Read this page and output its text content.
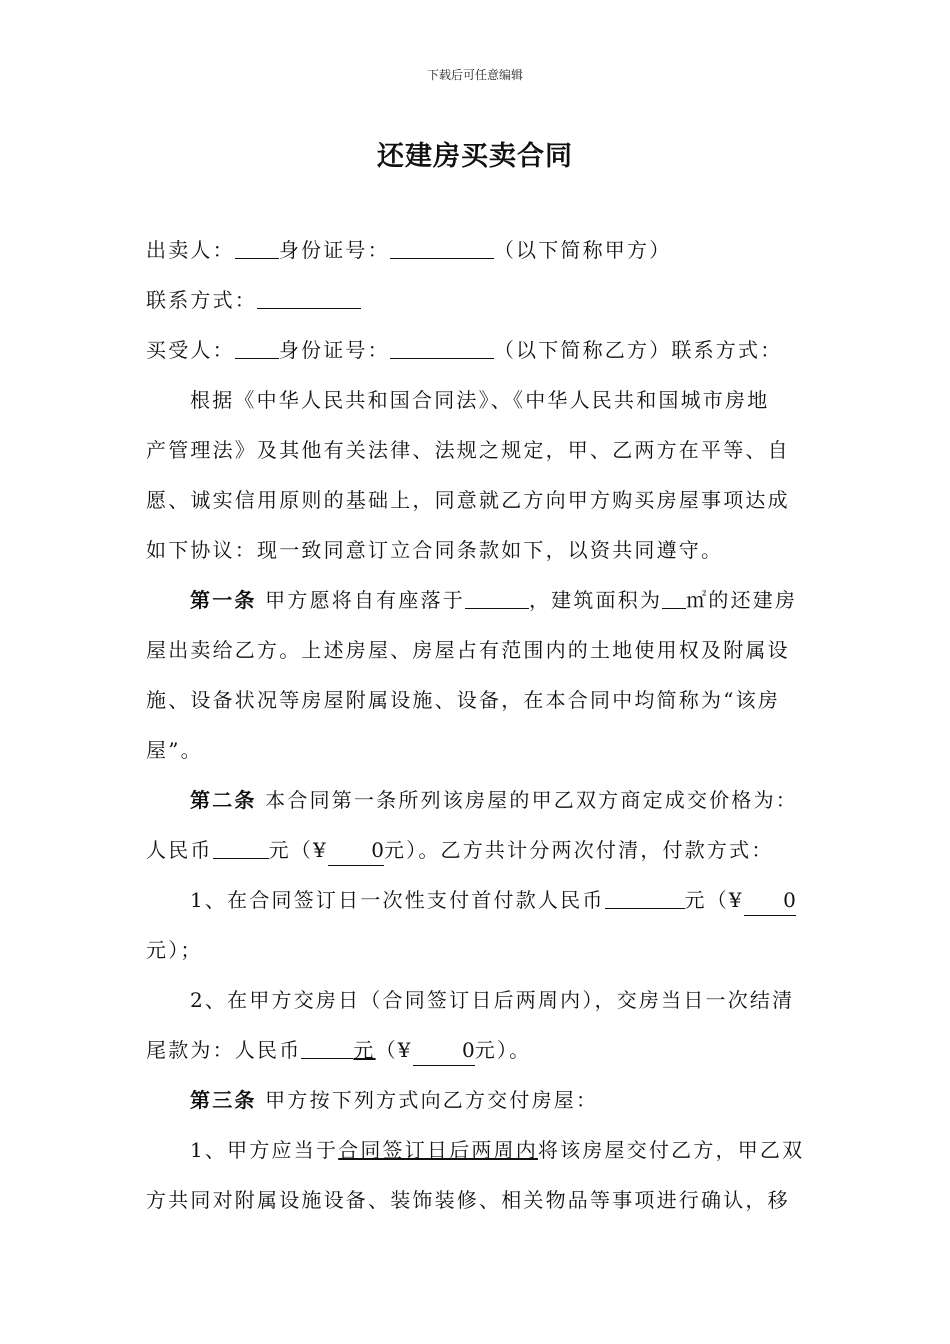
下载后可任意编辑
还建房买卖合同
出卖人： 身份证号：	（以下简称甲方）
联系方式：
买受人： 身份证号：	（以下简称乙方）联系方式：
根据《中华人民共和国合同法》、《中华人民共和国城市房地
产管理法》及其他有关法律、法规之规定，甲、乙两方在平等、自
愿、诚实信用原则的基础上，同意就乙方向甲方购买房屋事项达成
如下协议：现一致同意订立合同条款如下，以资共同遵守。
第一条 甲方愿将自有座落于	，建筑面积为 ㎡的还建房
屋出卖给乙方。上述房屋、房屋占有范围内的土地使用权及附属设
施、设备状况等房屋附属设施、设备，在本合同中均简称为“该房
屋”。
第二条 本合同第一条所列该房屋的甲乙双方商定成交价格为：
人民币	元（¥ 0元）。乙方共计分两次付清，付款方式：
1、在合同签订日一次性支付首付款人民币	元（¥ 0
元）；
2、在甲方交房日（合同签订日后两周内），交房当日一次结清
尾款为：人民币	元（¥ 0元）。
第三条 甲方按下列方式向乙方交付房屋：
1、甲方应当于合同签订日后两周内将该房屋交付乙方，甲乙双
方共同对附属设施设备、装饰装修、相关物品等事项进行确认，移
